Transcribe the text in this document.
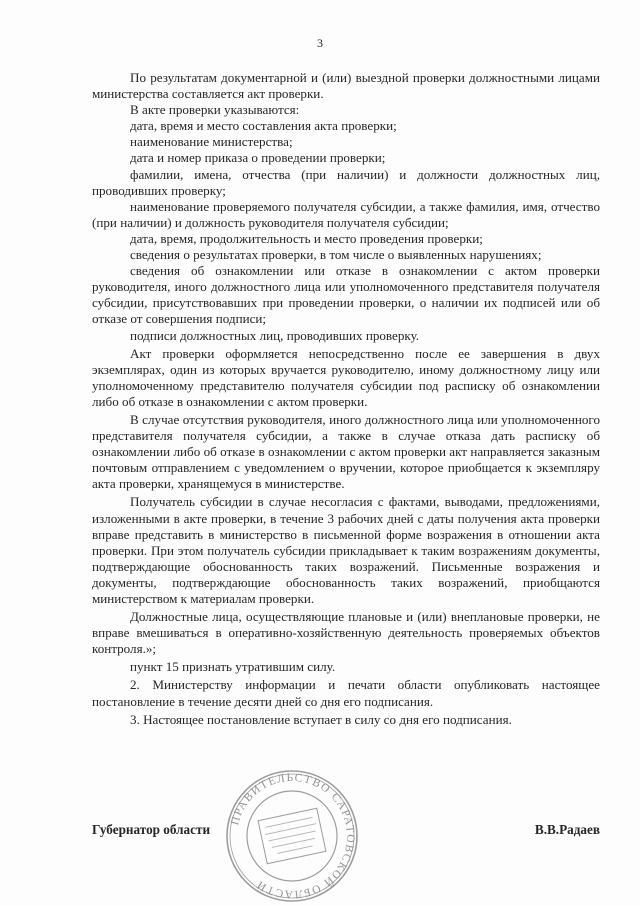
3

По результатам документарной и (или) выездной проверки должностными лицами министерства составляется акт проверки.

В акте проверки указываются:

дата, время и место составления акта проверки;

наименование министерства;

дата и номер приказа о проведении проверки;

фамилии, имена, отчества (при наличии) и должности должностных лиц, проводивших проверку;

наименование проверяемого получателя субсидии, а также фамилия, имя, отчество (при наличии) и должность руководителя получателя субсидии;

дата, время, продолжительность и место проведения проверки;

сведения о результатах проверки, в том числе о выявленных нарушениях;

сведения об ознакомлении или отказе в ознакомлении с актом проверки руководителя, иного должностного лица или уполномоченного представителя получателя субсидии, присутствовавших при проведении проверки, о наличии их подписей или об отказе от совершения подписи;

подписи должностных лиц, проводивших проверку.

Акт проверки оформляется непосредственно после ее завершения в двух экземплярах, один из которых вручается руководителю, иному должностному лицу или уполномоченному представителю получателя субсидии под расписку об ознакомлении либо об отказе в ознакомлении с актом проверки.

В случае отсутствия руководителя, иного должностного лица или уполномоченного представителя получателя субсидии, а также в случае отказа дать расписку об ознакомлении либо об отказе в ознакомлении с актом проверки акт направляется заказным почтовым отправлением с уведомлением о вручении, которое приобщается к экземпляру акта проверки, хранящемуся в министерстве.

Получатель субсидии в случае несогласия с фактами, выводами, предложениями, изложенными в акте проверки, в течение 3 рабочих дней с даты получения акта проверки вправе представить в министерство в письменной форме возражения в отношении акта проверки. При этом получатель субсидии прикладывает к таким возражениям документы, подтверждающие обоснованность таких возражений. Письменные возражения и документы, подтверждающие обоснованность таких возражений, приобщаются министерством к материалам проверки.

Должностные лица, осуществляющие плановые и (или) внеплановые проверки, не вправе вмешиваться в оперативно-хозяйственную деятельность проверяемых объектов контроля.»;

пункт 15 признать утратившим силу.

2. Министерству информации и печати области опубликовать настоящее постановление в течение десяти дней со дня его подписания.

3. Настоящее постановление вступает в силу со дня его подписания.

ПРАВИТЕЛЬСТВО САРАТОВСКОЙ ОБЛАСТИ
Губернатор области	В.В.Радаев
